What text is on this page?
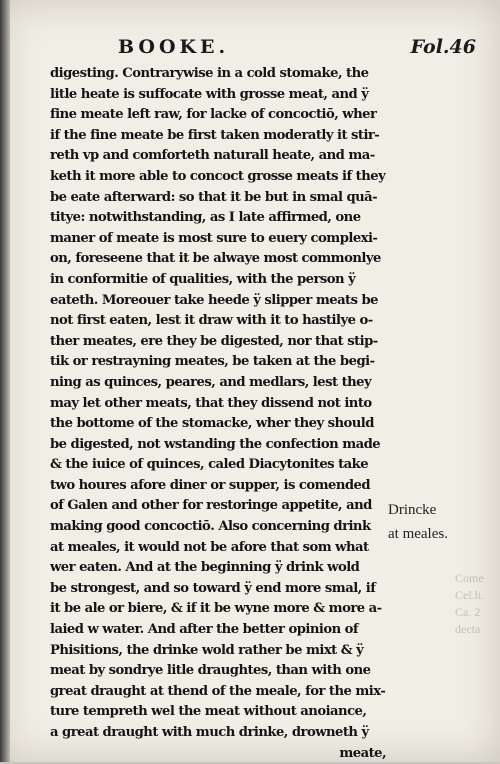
BOOKE.	Fol.46
digesting. Contrarywise in a cold stomake, the
litle heate is suffocate with grosse meat, and ÿ
fine meate left raw, for lacke of concoctiō, wher
if the fine meate be first taken moderatly it stir-
reth vp and comforteth naturall heate, and ma-
keth it more able to concoct grosse meats if they
be eate afterward: so that it be but in smal quā-
titye: notwithstanding, as I late affirmed, one
maner of meate is most sure to euery complexi-
on, foreseene that it be alwaye most commonlye
in conformitie of qualities, with the person ÿ
eateth. Moreouer take heede ÿ slipper meats be
not first eaten, lest it draw with it to hastilye o-
ther meates, ere they be digested, nor that stip-
tik or restrayning meates, be taken at the begi-
ning as quinces, peares, and medlars, lest they
may let other meats, that they dissend not into
the bottome of the stomacke, wher they should
be digested, not wstanding the confection made
& the iuice of quinces, caled Diacytonites take
two houres afore diner or supper, is comended
of Galen and other for restoringe appetite, and
making good concoctiō. Also concerning drink
at meales, it would not be afore that som what
wer eaten. And at the beginning ÿ drink wold
be strongest, and so toward ÿ end more smal, if
it be ale or biere, & if it be wyne more & more a-
laied w water. And after the better opinion of
Phisitions, the drinke wold rather be mixt & ÿ
meat by sondrye litle draughtes, than with one
great draught at thend of the meale, for the mix-
ture tempreth wel the meat without anoiance,
a great draught with much drinke, drowneth ÿ
meate,
Drincke
at meales.
Come
Cel.li.
Ca. 2
decta
